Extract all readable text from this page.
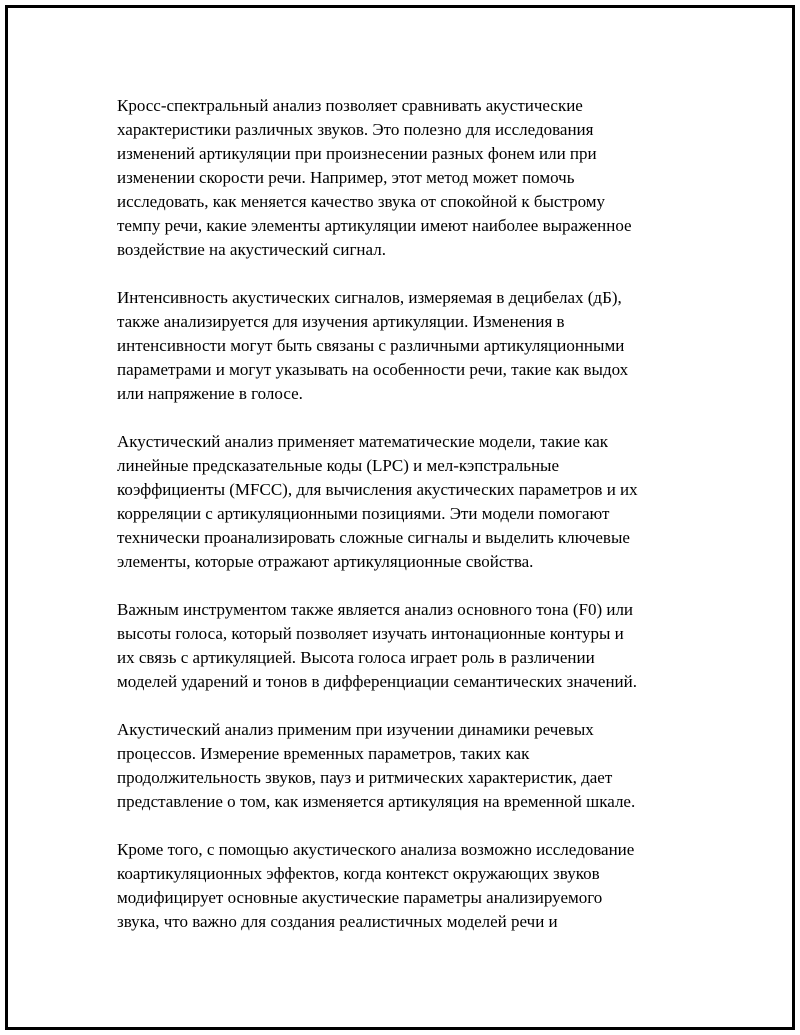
Кросс-спектральный анализ позволяет сравнивать акустические
характеристики различных звуков. Это полезно для исследования
изменений артикуляции при произнесении разных фонем или при
изменении скорости речи. Например, этот метод может помочь
исследовать, как меняется качество звука от спокойной к быстрому
темпу речи, какие элементы артикуляции имеют наиболее выраженное
воздействие на акустический сигнал.

Интенсивность акустических сигналов, измеряемая в децибелах (дБ),
также анализируется для изучения артикуляции. Изменения в
интенсивности могут быть связаны с различными артикуляционными
параметрами и могут указывать на особенности речи, такие как выдох
или напряжение в голосе.

Акустический анализ применяет математические модели, такие как
линейные предсказательные коды (LPC) и мел-кэпстральные
коэффициенты (MFCC), для вычисления акустических параметров и их
корреляции с артикуляционными позициями. Эти модели помогают
технически проанализировать сложные сигналы и выделить ключевые
элементы, которые отражают артикуляционные свойства.

Важным инструментом также является анализ основного тона (F0) или
высоты голоса, который позволяет изучать интонационные контуры и
их связь с артикуляцией. Высота голоса играет роль в различении
моделей ударений и тонов в дифференциации семантических значений.

Акустический анализ применим при изучении динамики речевых
процессов. Измерение временных параметров, таких как
продолжительность звуков, пауз и ритмических характеристик, дает
представление о том, как изменяется артикуляция на временной шкале.

Кроме того, с помощью акустического анализа возможно исследование
коартикуляционных эффектов, когда контекст окружающих звуков
модифицирует основные акустические параметры анализируемого
звука, что важно для создания реалистичных моделей речи и
